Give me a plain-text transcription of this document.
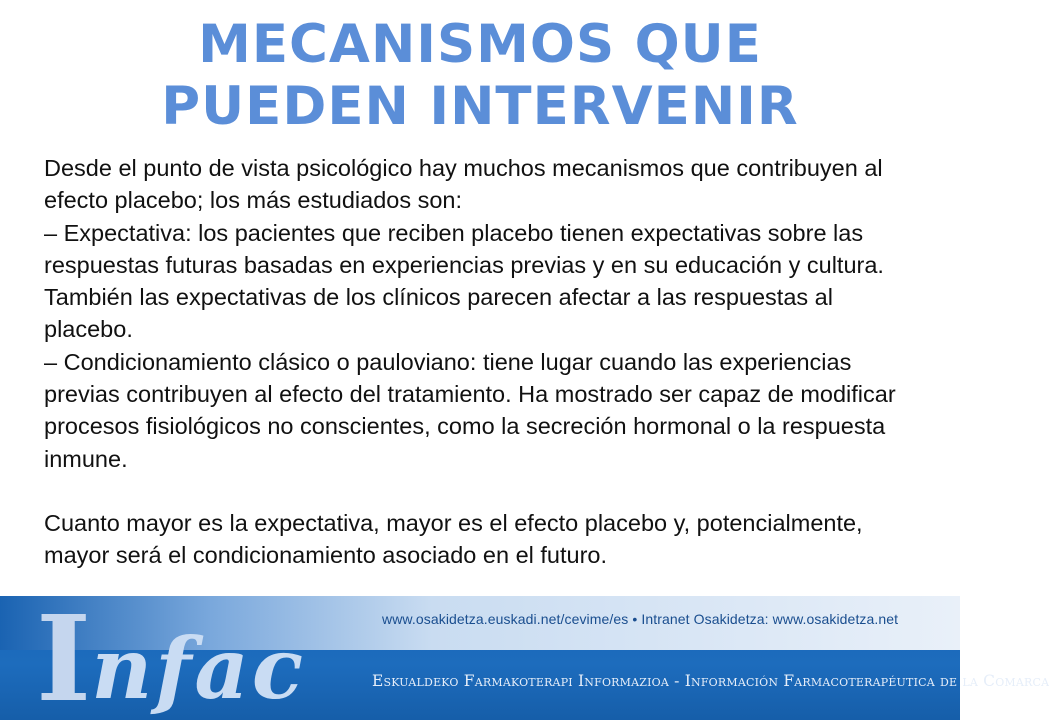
MECANISMOS QUE
PUEDEN INTERVENIR

Desde el punto de vista psicológico hay muchos mecanismos que contribuyen al efecto placebo; los más estudiados son:

– Expectativa: los pacientes que reciben placebo tienen expectativas sobre las respuestas futuras basadas en experiencias previas y en su educación y cultura. También las expectativas de los clínicos parecen afectar a las respuestas al placebo.

– Condicionamiento clásico o pauloviano: tiene lugar cuando las experiencias previas contribuyen al efecto del tratamiento. Ha mostrado ser capaz de modificar procesos fisiológicos no conscientes, como la secreción hormonal o la respuesta inmune.

Cuanto mayor es la expectativa, mayor es el efecto placebo y, potencialmente, mayor será el condicionamiento asociado en el futuro.

I nfac	www.osakidetza.euskadi.net/cevime/es • Intranet Osakidetza: www.osakidetza.net
Eskualdeko Farmakoterapi Informazioa - Información Farmacoterapéutica de la Comarca
